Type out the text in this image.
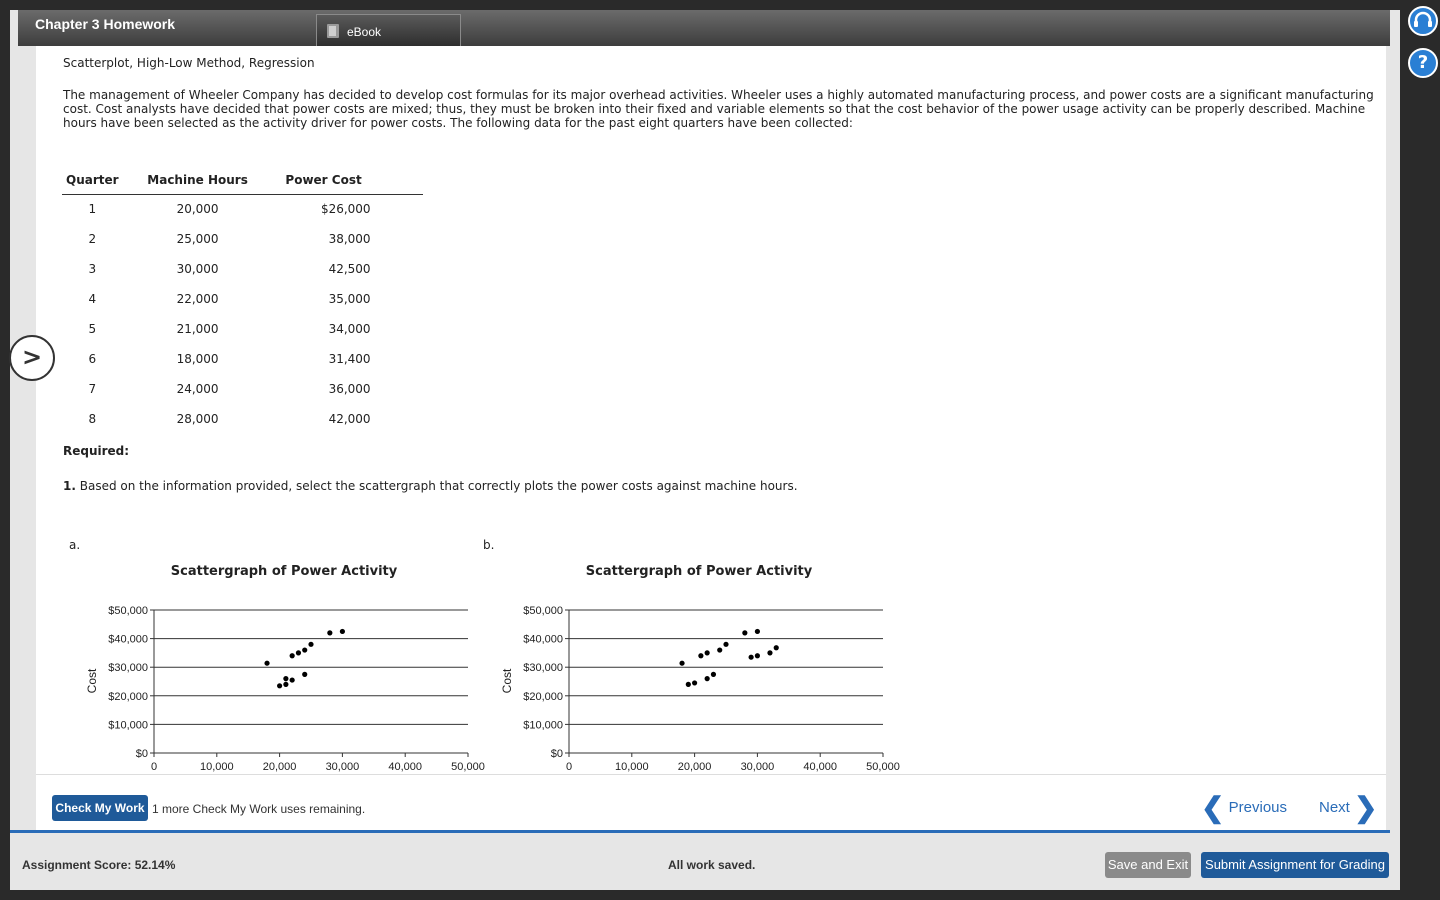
Chapter 3 Homework	eBook
Scatterplot, High-Low Method, Regression
The management of Wheeler Company has decided to develop cost formulas for its major overhead activities. Wheeler uses a highly automated manufacturing process, and power costs are a significant manufacturing cost. Cost analysts have decided that power costs are mixed; thus, they must be broken into their fixed and variable elements so that the cost behavior of the power usage activity can be properly described. Machine hours have been selected as the activity driver for power costs. The following data for the past eight quarters have been collected:
Quarter	Machine Hours	Power Cost
1	20,000	$26,000
2	25,000	38,000
3	30,000	42,500
4	22,000	35,000
5	21,000	34,000
6	18,000	31,400
7	24,000	36,000
8	28,000	42,000
Required:
1. Based on the information provided, select the scattergraph that correctly plots the power costs against machine hours.
a.	b.
Scattergraph of Power Activity
Cost
$50,000
$40,000
$30,000
$20,000
$10,000
$0
0	10,000	20,000	30,000	40,000	50,000
Scattergraph of Power Activity
Cost
$50,000
$40,000
$30,000
$20,000
$10,000
$0
0	10,000	20,000	30,000	40,000	50,000
Check My Work 1 more Check My Work uses remaining.	❮ Previous Next ❯
Assignment Score: 52.14%	All work saved.	Save and Exit	Submit Assignment for Grading
>
?
